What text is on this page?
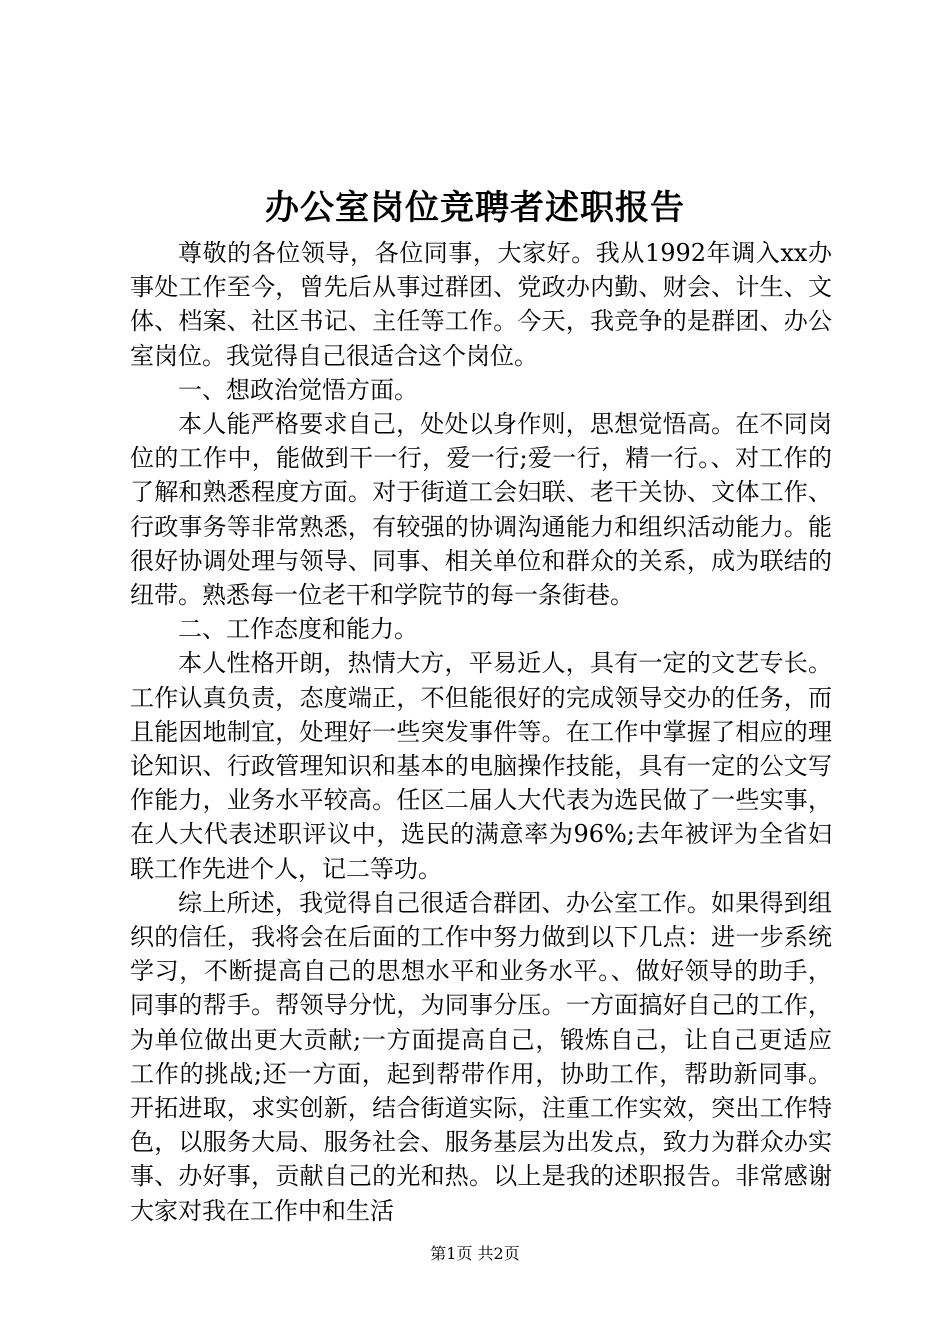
办公室岗位竞聘者述职报告

尊敬的各位领导，各位同事，大家好。我从1992年调入xx办事处工作至今，曾先后从事过群团、党政办内勤、财会、计生、文体、档案、社区书记、主任等工作。今天，我竞争的是群团、办公室岗位。我觉得自己很适合这个岗位。

一、想政治觉悟方面。

本人能严格要求自己，处处以身作则，思想觉悟高。在不同岗位的工作中，能做到干一行，爱一行;爱一行，精一行。、对工作的了解和熟悉程度方面。对于街道工会妇联、老干关协、文体工作、行政事务等非常熟悉，有较强的协调沟通能力和组织活动能力。能很好协调处理与领导、同事、相关单位和群众的关系，成为联结的纽带。熟悉每一位老干和学院节的每一条街巷。

二、工作态度和能力。

本人性格开朗，热情大方，平易近人，具有一定的文艺专长。工作认真负责，态度端正，不但能很好的完成领导交办的任务，而且能因地制宜，处理好一些突发事件等。在工作中掌握了相应的理论知识、行政管理知识和基本的电脑操作技能，具有一定的公文写作能力，业务水平较高。任区二届人大代表为选民做了一些实事，在人大代表述职评议中，选民的满意率为96%;去年被评为全省妇联工作先进个人，记二等功。

综上所述，我觉得自己很适合群团、办公室工作。如果得到组织的信任，我将会在后面的工作中努力做到以下几点：进一步系统学习，不断提高自己的思想水平和业务水平。、做好领导的助手，同事的帮手。帮领导分忧，为同事分压。一方面搞好自己的工作，为单位做出更大贡献;一方面提高自己，锻炼自己，让自己更适应工作的挑战;还一方面，起到帮带作用，协助工作，帮助新同事。开拓进取，求实创新，结合街道实际，注重工作实效，突出工作特色，以服务大局、服务社会、服务基层为出发点，致力为群众办实事、办好事，贡献自己的光和热。以上是我的述职报告。非常感谢大家对我在工作中和生活

第1页 共2页
